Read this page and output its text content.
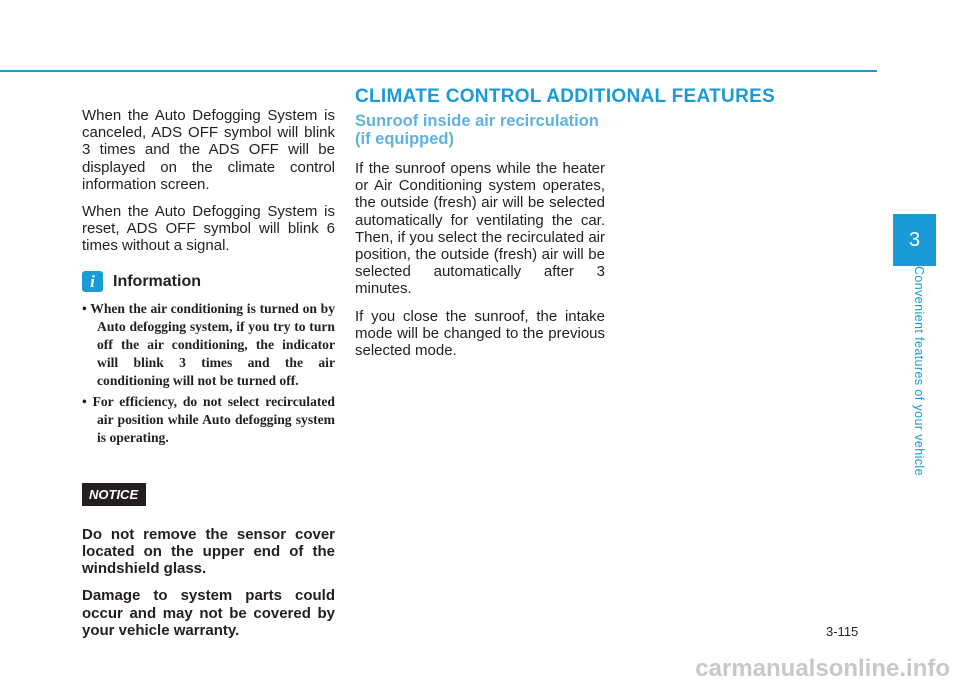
CLIMATE CONTROL ADDITIONAL FEATURES

When the Auto Defogging System is canceled, ADS OFF symbol will blink 3 times and the ADS OFF will be displayed on the climate control information screen.

When the Auto Defogging System is reset, ADS OFF symbol will blink 6 times without a signal.

i	Information
• When the air conditioning is turned on by Auto defogging system, if you try to turn off the air conditioning, the indicator will blink 3 times and the air conditioning will not be turned off.
• For efficiency, do not select recirculated air position while Auto defogging system is operating.
NOTICE

Do not remove the sensor cover located on the upper end of the windshield glass.

Damage to system parts could occur and may not be covered by your vehicle warranty.

Sunroof inside air recirculation
(if equipped)

If the sunroof opens while the heater or Air Conditioning system operates, the outside (fresh) air will be selected automatically for ventilating the car. Then, if you select the recirculated air position, the outside (fresh) air will be selected automatically after 3 minutes.

If you close the sunroof, the intake mode will be changed to the previous selected mode.

3
Convenient features of your vehicle
3-115
carmanualsonline.info
